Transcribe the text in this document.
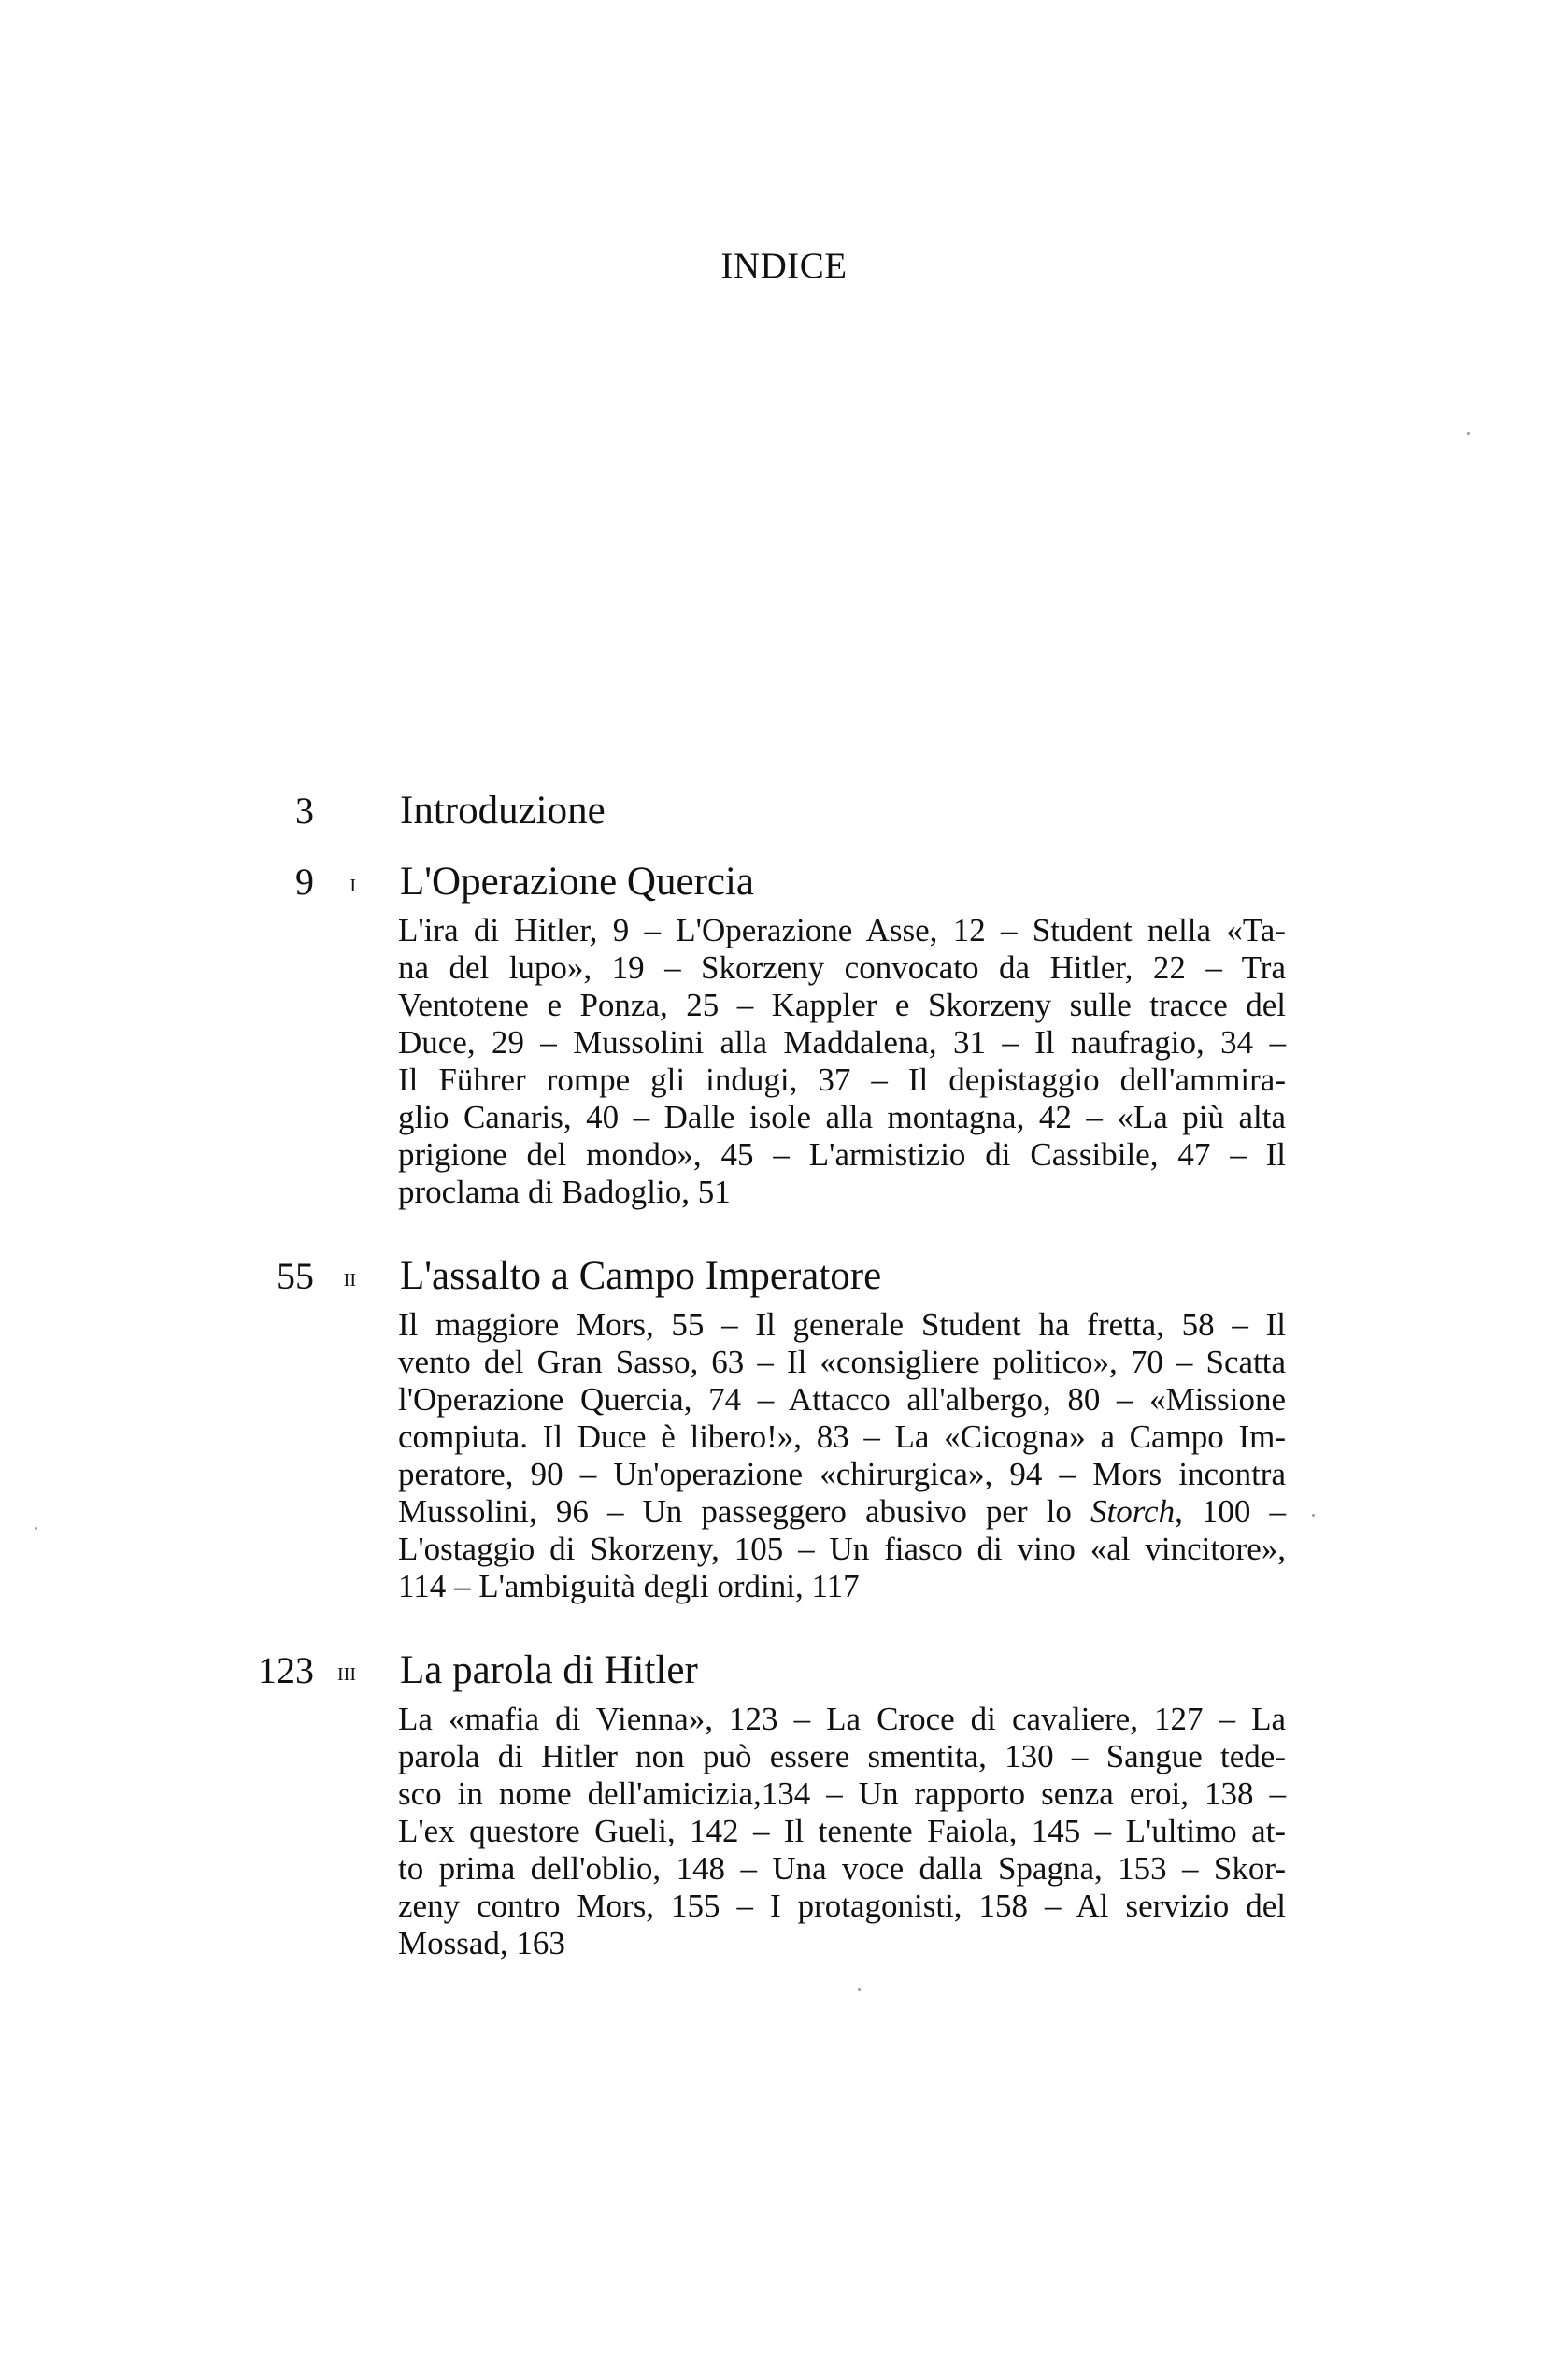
INDICE
3 Introduzione
9 i L'Operazione Quercia
L'ira di Hitler, 9 – L'Operazione Asse, 12 – Student nella «Ta-
na del lupo», 19 – Skorzeny convocato da Hitler, 22 – Tra
Ventotene e Ponza, 25 – Kappler e Skorzeny sulle tracce del
Duce, 29 – Mussolini alla Maddalena, 31 – Il naufragio, 34 –
Il Führer rompe gli indugi, 37 – Il depistaggio dell'ammira-
glio Canaris, 40 – Dalle isole alla montagna, 42 – «La più alta
prigione del mondo», 45 – L'armistizio di Cassibile, 47 – Il
proclama di Badoglio, 51
55 ii L'assalto a Campo Imperatore
Il maggiore Mors, 55 – Il generale Student ha fretta, 58 – Il
vento del Gran Sasso, 63 – Il «consigliere politico», 70 – Scatta
l'Operazione Quercia, 74 – Attacco all'albergo, 80 – «Missione
compiuta. Il Duce è libero!», 83 – La «Cicogna» a Campo Im-
peratore, 90 – Un'operazione «chirurgica», 94 – Mors incontra
Mussolini, 96 – Un passeggero abusivo per lo Storch, 100 –
L'ostaggio di Skorzeny, 105 – Un fiasco di vino «al vincitore»,
114 – L'ambiguità degli ordini, 117
123 iii La parola di Hitler
La «mafia di Vienna», 123 – La Croce di cavaliere, 127 – La
parola di Hitler non può essere smentita, 130 – Sangue tede-
sco in nome dell'amicizia,134 – Un rapporto senza eroi, 138 –
L'ex questore Gueli, 142 – Il tenente Faiola, 145 – L'ultimo at-
to prima dell'oblio, 148 – Una voce dalla Spagna, 153 – Skor-
zeny contro Mors, 155 – I protagonisti, 158 – Al servizio del
Mossad, 163
